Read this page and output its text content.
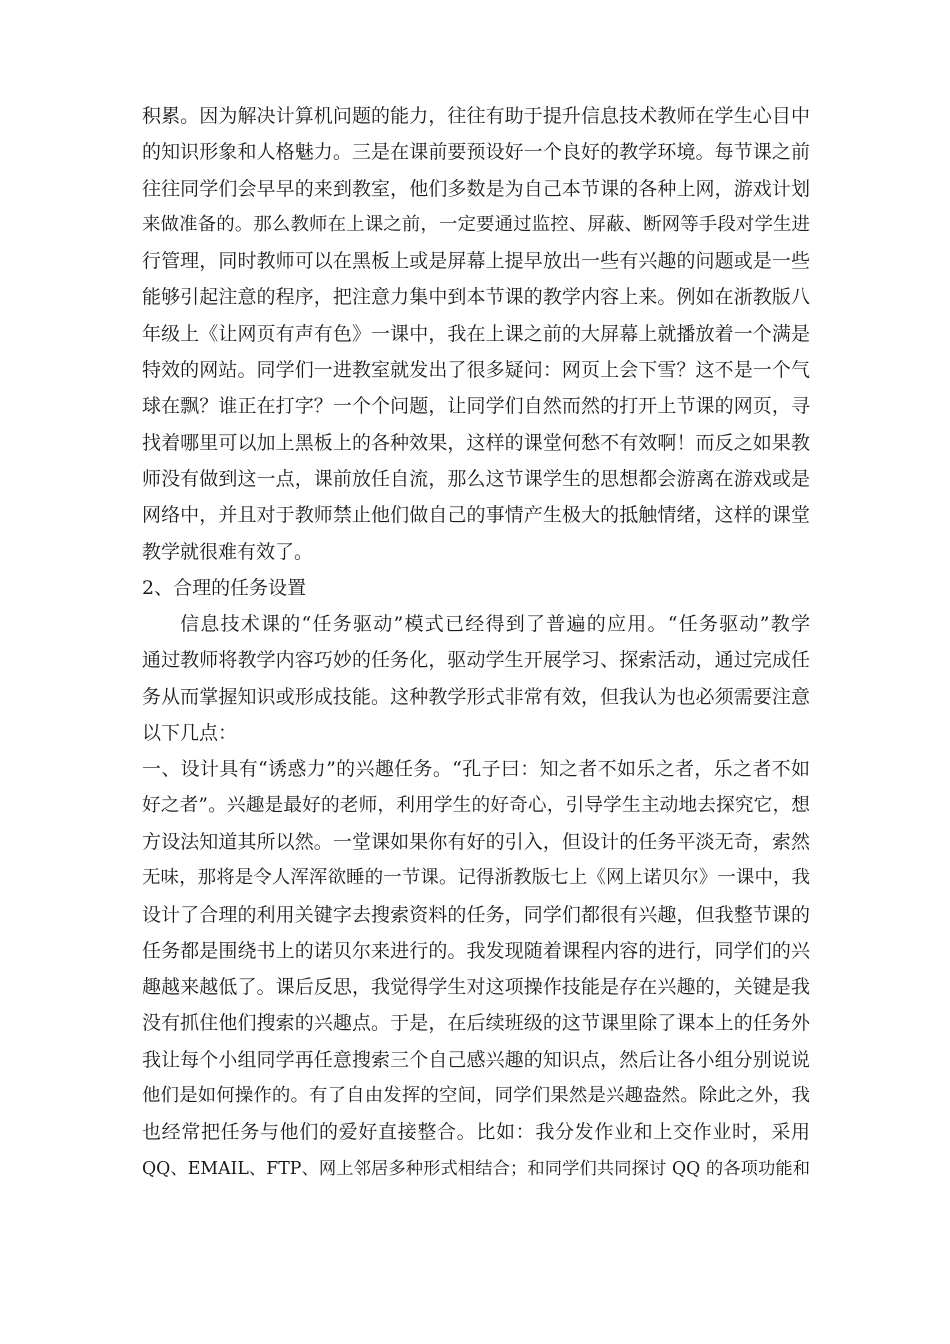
积累。因为解决计算机问题的能力，往往有助于提升信息技术教师在学生心目中
的知识形象和人格魅力。三是在课前要预设好一个良好的教学环境。每节课之前
往往同学们会早早的来到教室，他们多数是为自己本节课的各种上网，游戏计划
来做准备的。那么教师在上课之前，一定要通过监控、屏蔽、断网等手段对学生进
行管理，同时教师可以在黑板上或是屏幕上提早放出一些有兴趣的问题或是一些
能够引起注意的程序，把注意力集中到本节课的教学内容上来。例如在浙教版八
年级上《让网页有声有色》一课中，我在上课之前的大屏幕上就播放着一个满是
特效的网站。同学们一进教室就发出了很多疑问：网页上会下雪？这不是一个气
球在飘？谁正在打字？一个个问题，让同学们自然而然的打开上节课的网页，寻
找着哪里可以加上黑板上的各种效果，这样的课堂何愁不有效啊！而反之如果教
师没有做到这一点，课前放任自流，那么这节课学生的思想都会游离在游戏或是
网络中，并且对于教师禁止他们做自己的事情产生极大的抵触情绪，这样的课堂
教学就很难有效了。
2、合理的任务设置
信息技术课的“任务驱动”模式已经得到了普遍的应用。“任务驱动”教学
通过教师将教学内容巧妙的任务化，驱动学生开展学习、探索活动，通过完成任
务从而掌握知识或形成技能。这种教学形式非常有效，但我认为也必须需要注意
以下几点：
一、设计具有“诱惑力”的兴趣任务。“孔子曰：知之者不如乐之者，乐之者不如
好之者”。兴趣是最好的老师，利用学生的好奇心，引导学生主动地去探究它，想
方设法知道其所以然。一堂课如果你有好的引入，但设计的任务平淡无奇，索然
无味，那将是令人浑浑欲睡的一节课。记得浙教版七上《网上诺贝尔》一课中，我
设计了合理的利用关键字去搜索资料的任务，同学们都很有兴趣，但我整节课的
任务都是围绕书上的诺贝尔来进行的。我发现随着课程内容的进行，同学们的兴
趣越来越低了。课后反思，我觉得学生对这项操作技能是存在兴趣的，关键是我
没有抓住他们搜索的兴趣点。于是，在后续班级的这节课里除了课本上的任务外
我让每个小组同学再任意搜索三个自己感兴趣的知识点，然后让各小组分别说说
他们是如何操作的。有了自由发挥的空间，同学们果然是兴趣盎然。除此之外，我
也经常把任务与他们的爱好直接整合。比如：我分发作业和上交作业时，采用
QQ、EMAIL、FTP、网上邻居多种形式相结合；和同学们共同探讨 QQ 的各项功能和
